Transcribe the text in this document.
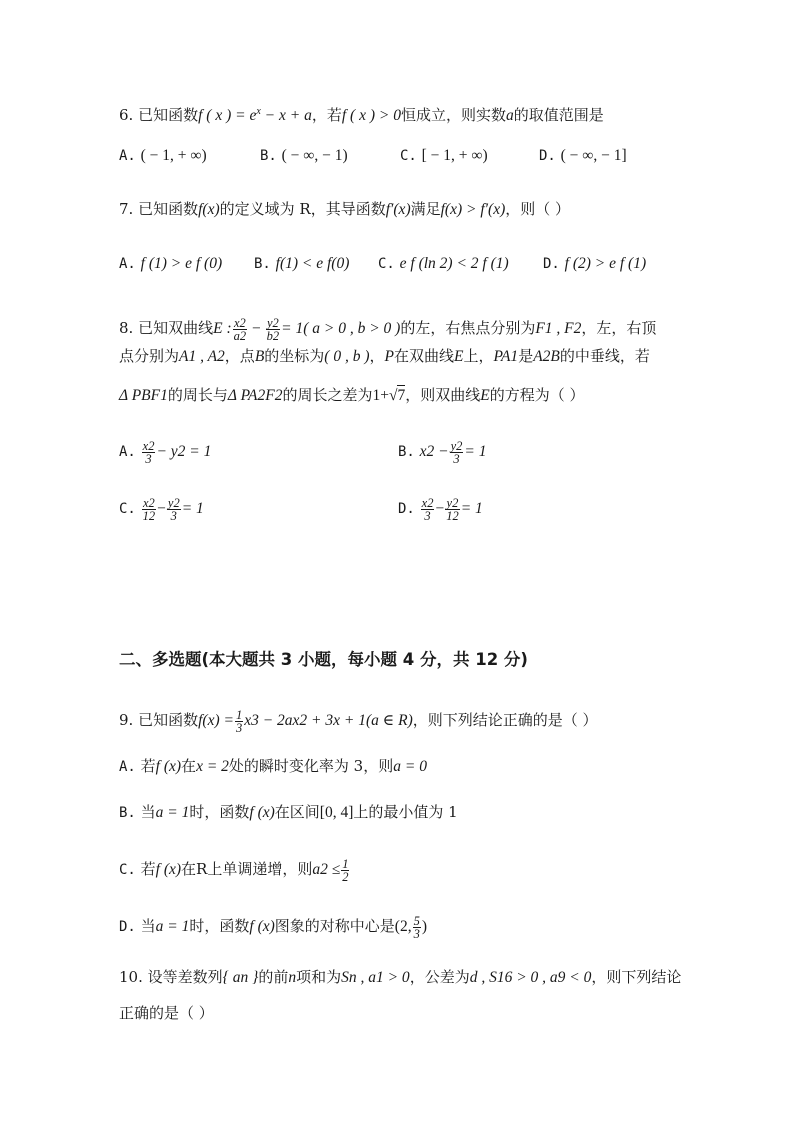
6. 已知函数f ( x ) = $e^x - x + a$，若f ( x ) > 0恒成立，则实数a的取值范围是
A. ( − 1, + ∞)	B. ( − ∞, − 1)	C. [ − 1, + ∞)	D. ( − ∞, − 1]
7. 已知函数f(x)的定义域为 R，其导函数f′(x)满足f(x) > f′(x)，则（ ）
A. f (1) > e f (0) B. f(1) < e f(0) C. e f (ln 2) < 2 f (1) D. f (2) > e f (1)
8. 已知双曲线E : $\frac{x2}{a2} - \frac{y2}{b2} = 1$( a > 0 , b > 0 )的左，右焦点分别为F1 , F2，左，右顶
点分别为A1 , A2，点B的坐标为( 0 , b )，P在双曲线E上，PA1是A2B的中垂线，若
Δ PBF1的周长与Δ PA2F2的周长之差为1+√7，则双曲线E的方程为（ ）
A. $\frac{x2}{3} - y2 = 1$	B. $x2 - \frac{y2}{3} = 1$
C. $\frac{x2}{12} - \frac{y2}{3} = 1$	D. $\frac{x2}{3} - \frac{y2}{12} = 1$
二、多选题(本大题共 3 小题，每小题 4 分，共 12 分)
9. 已知函数$f(x) = \frac{1}{3} x3 - 2ax2 + 3x + 1(a$ ∈ R)，则下列结论正确的是（ ）
A. 若f (x)在x = 2处的瞬时变化率为 3，则a = 0
B. 当a = 1时，函数f (x)在区间[0, 4]上的最小值为 1
C. 若f (x)在R上单调递增，则$a2 \le \frac{1}{2}$
D. 当a = 1时，函数f (x)图象的对称中心是(2, $\frac{5}{3}$ )
10. 设等差数列{ an }的前n项和为Sn , a1 > 0，公差为d , S16 > 0 , a9 < 0，则下列结论
正确的是（ ）
